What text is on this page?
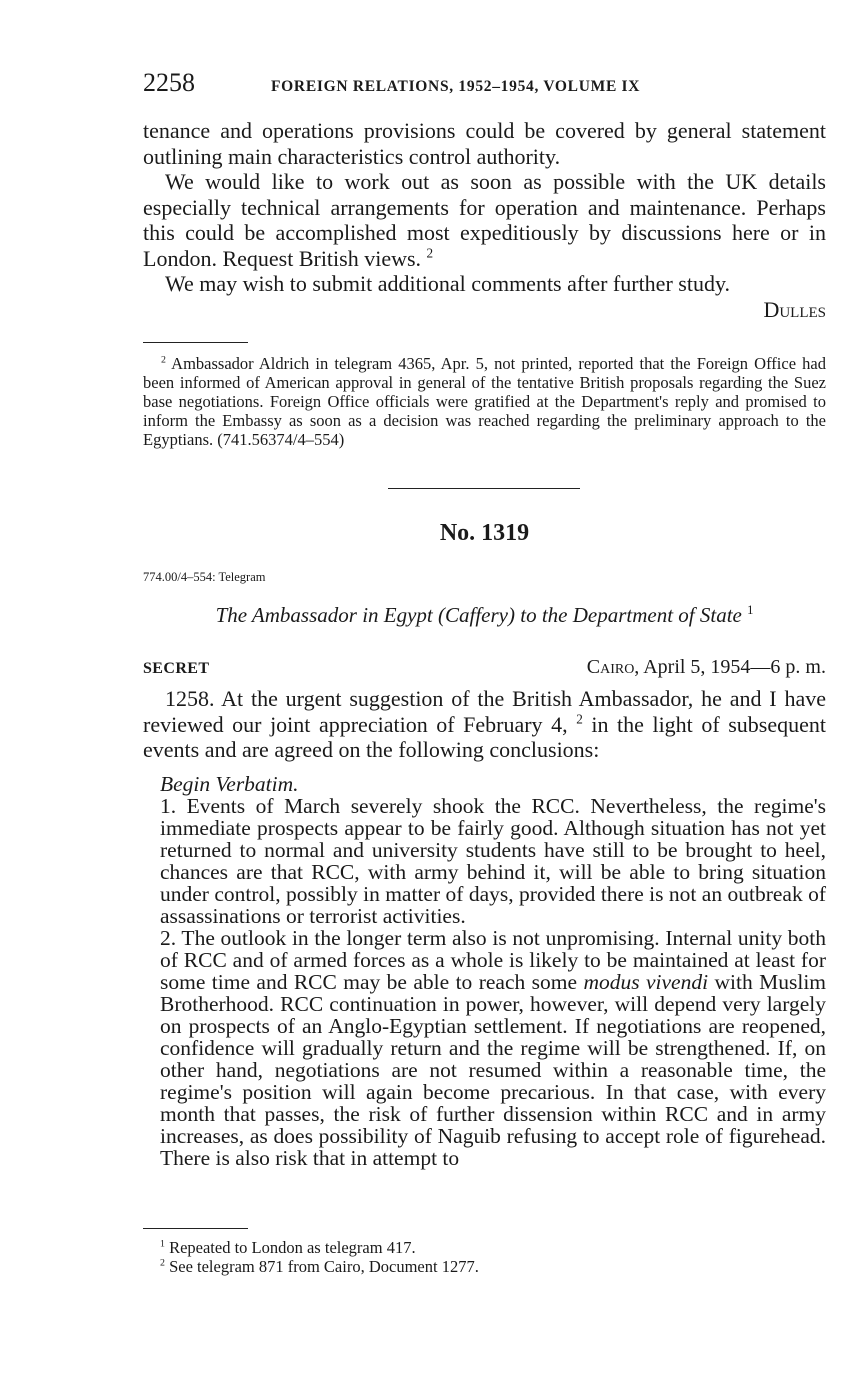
2258	FOREIGN RELATIONS, 1952–1954, VOLUME IX

tenance and operations provisions could be covered by general statement outlining main characteristics control authority.

We would like to work out as soon as possible with the UK details especially technical arrangements for operation and maintenance. Perhaps this could be accomplished most expeditiously by discussions here or in London. Request British views. $^2$

We may wish to submit additional comments after further study.

Dulles

$^2$ Ambassador Aldrich in telegram 4365, Apr. 5, not printed, reported that the Foreign Office had been informed of American approval in general of the tentative British proposals regarding the Suez base negotiations. Foreign Office officials were gratified at the Department's reply and promised to inform the Embassy as soon as a decision was reached regarding the preliminary approach to the Egyptians. (741.56374/4–554)

No. 1319
774.00/4–554: Telegram
The Ambassador in Egypt (Caffery) to the Department of State $^1$
SECRET	Cairo, April 5, 1954—6 p. m.

1258. At the urgent suggestion of the British Ambassador, he and I have reviewed our joint appreciation of February 4, $^2$ in the light of subsequent events and are agreed on the following conclusions:

Begin Verbatim.

1. Events of March severely shook the RCC. Nevertheless, the regime's immediate prospects appear to be fairly good. Although situation has not yet returned to normal and university students have still to be brought to heel, chances are that RCC, with army behind it, will be able to bring situation under control, possibly in matter of days, provided there is not an outbreak of assassinations or terrorist activities.

2. The outlook in the longer term also is not unpromising. Internal unity both of RCC and of armed forces as a whole is likely to be maintained at least for some time and RCC may be able to reach some modus vivendi with Muslim Brotherhood. RCC continuation in power, however, will depend very largely on prospects of an Anglo-Egyptian settlement. If negotiations are reopened, confidence will gradually return and the regime will be strengthened. If, on other hand, negotiations are not resumed within a reasonable time, the regime's position will again become precarious. In that case, with every month that passes, the risk of further dissension within RCC and in army increases, as does possibility of Naguib refusing to accept role of figurehead. There is also risk that in attempt to

$^1$ Repeated to London as telegram 417.

$^2$ See telegram 871 from Cairo, Document 1277.
